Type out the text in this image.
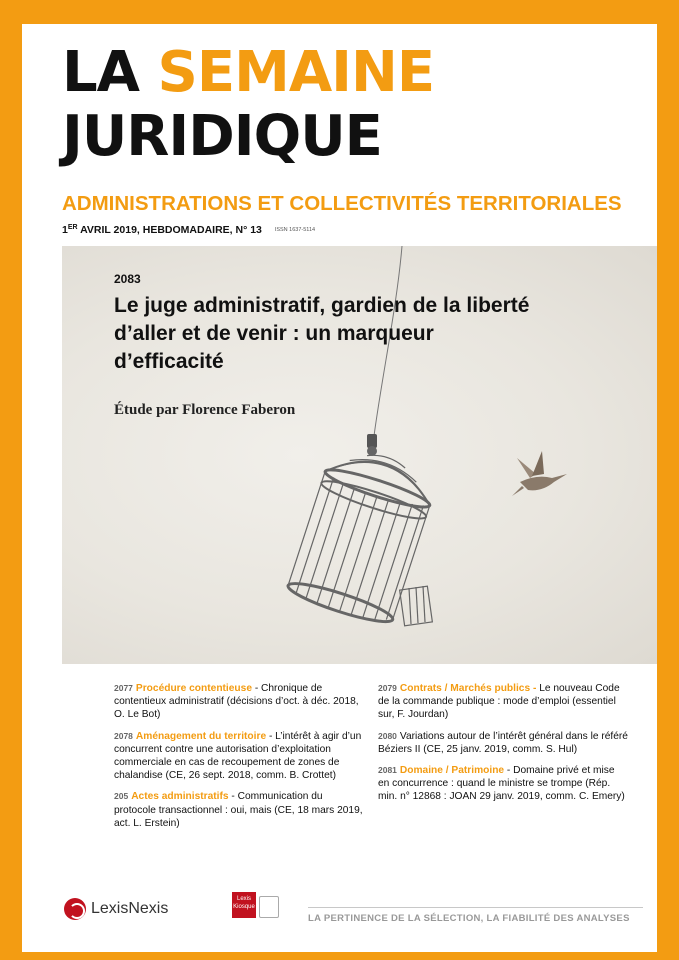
LA SEMAINE
JURIDIQUE
ADMINISTRATIONS ET COLLECTIVITÉS TERRITORIALES
1ER AVRIL 2019, HEBDOMADAIRE, N° 13 ISSN 1637-5114
2083
Le juge administratif, gardien de la liberté d’aller et de venir : un marqueur d’efficacité
Étude par Florence Faberon
2077 Procédure contentieuse - Chronique de contentieux administratif (décisions d’oct. à déc. 2018, O. Le Bot)
2078 Aménagement du territoire - L’intérêt à agir d’un concurrent contre une autorisation d’exploitation commerciale en cas de recoupement de zones de chalandise (CE, 26 sept. 2018, comm. B. Crottet)
205 Actes administratifs - Communication du protocole transactionnel : oui, mais (CE, 18 mars 2019, act. L. Erstein)
2079 Contrats / Marchés publics - Le nouveau Code de la commande publique : mode d’emploi (essentiel sur, F. Jourdan)
2080 Variations autour de l’intérêt général dans le référé Béziers II (CE, 25 janv. 2019, comm. S. Hul)
2081 Domaine / Patrimoine - Domaine privé et mise en concurrence : quand le ministre se trompe (Rép. min. n° 12868 : JOAN 29 janv. 2019, comm. C. Emery)
LexisNexis
Lexis
Kiosque
LA PERTINENCE DE LA SÉLECTION, LA FIABILITÉ DES ANALYSES
